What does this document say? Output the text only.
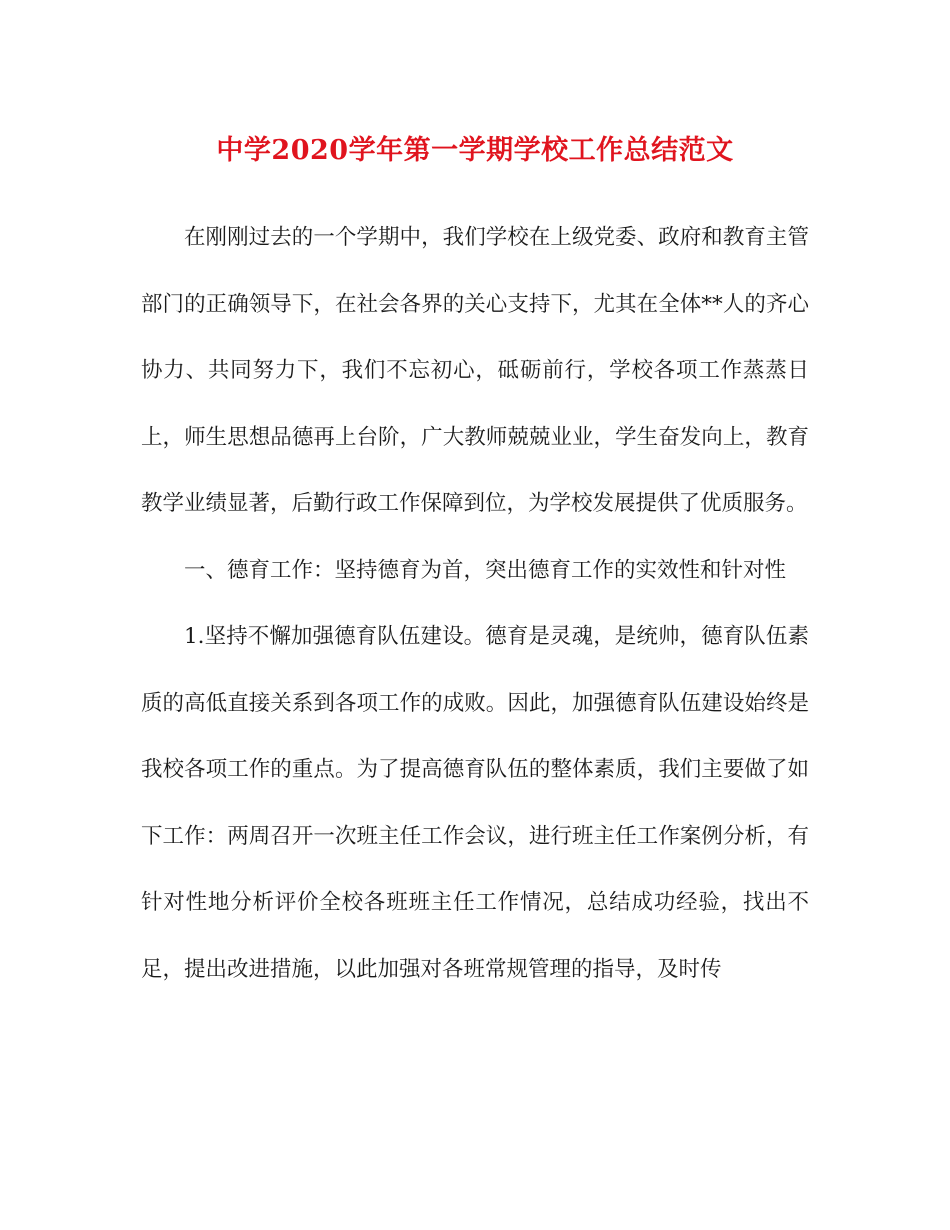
中学2020学年第一学期学校工作总结范文

在刚刚过去的一个学期中，我们学校在上级党委、政府和教育主管部门的正确领导下，在社会各界的关心支持下，尤其在全体**人的齐心协力、共同努力下，我们不忘初心，砥砺前行，学校各项工作蒸蒸日上，师生思想品德再上台阶，广大教师兢兢业业，学生奋发向上，教育教学业绩显著，后勤行政工作保障到位，为学校发展提供了优质服务。

一、德育工作：坚持德育为首，突出德育工作的实效性和针对性

1.坚持不懈加强德育队伍建设。德育是灵魂，是统帅，德育队伍素质的高低直接关系到各项工作的成败。因此，加强德育队伍建设始终是我校各项工作的重点。为了提高德育队伍的整体素质，我们主要做了如下工作：两周召开一次班主任工作会议，进行班主任工作案例分析，有针对性地分析评价全校各班班主任工作情况，总结成功经验，找出不足，提出改进措施，以此加强对各班常规管理的指导，及时传
